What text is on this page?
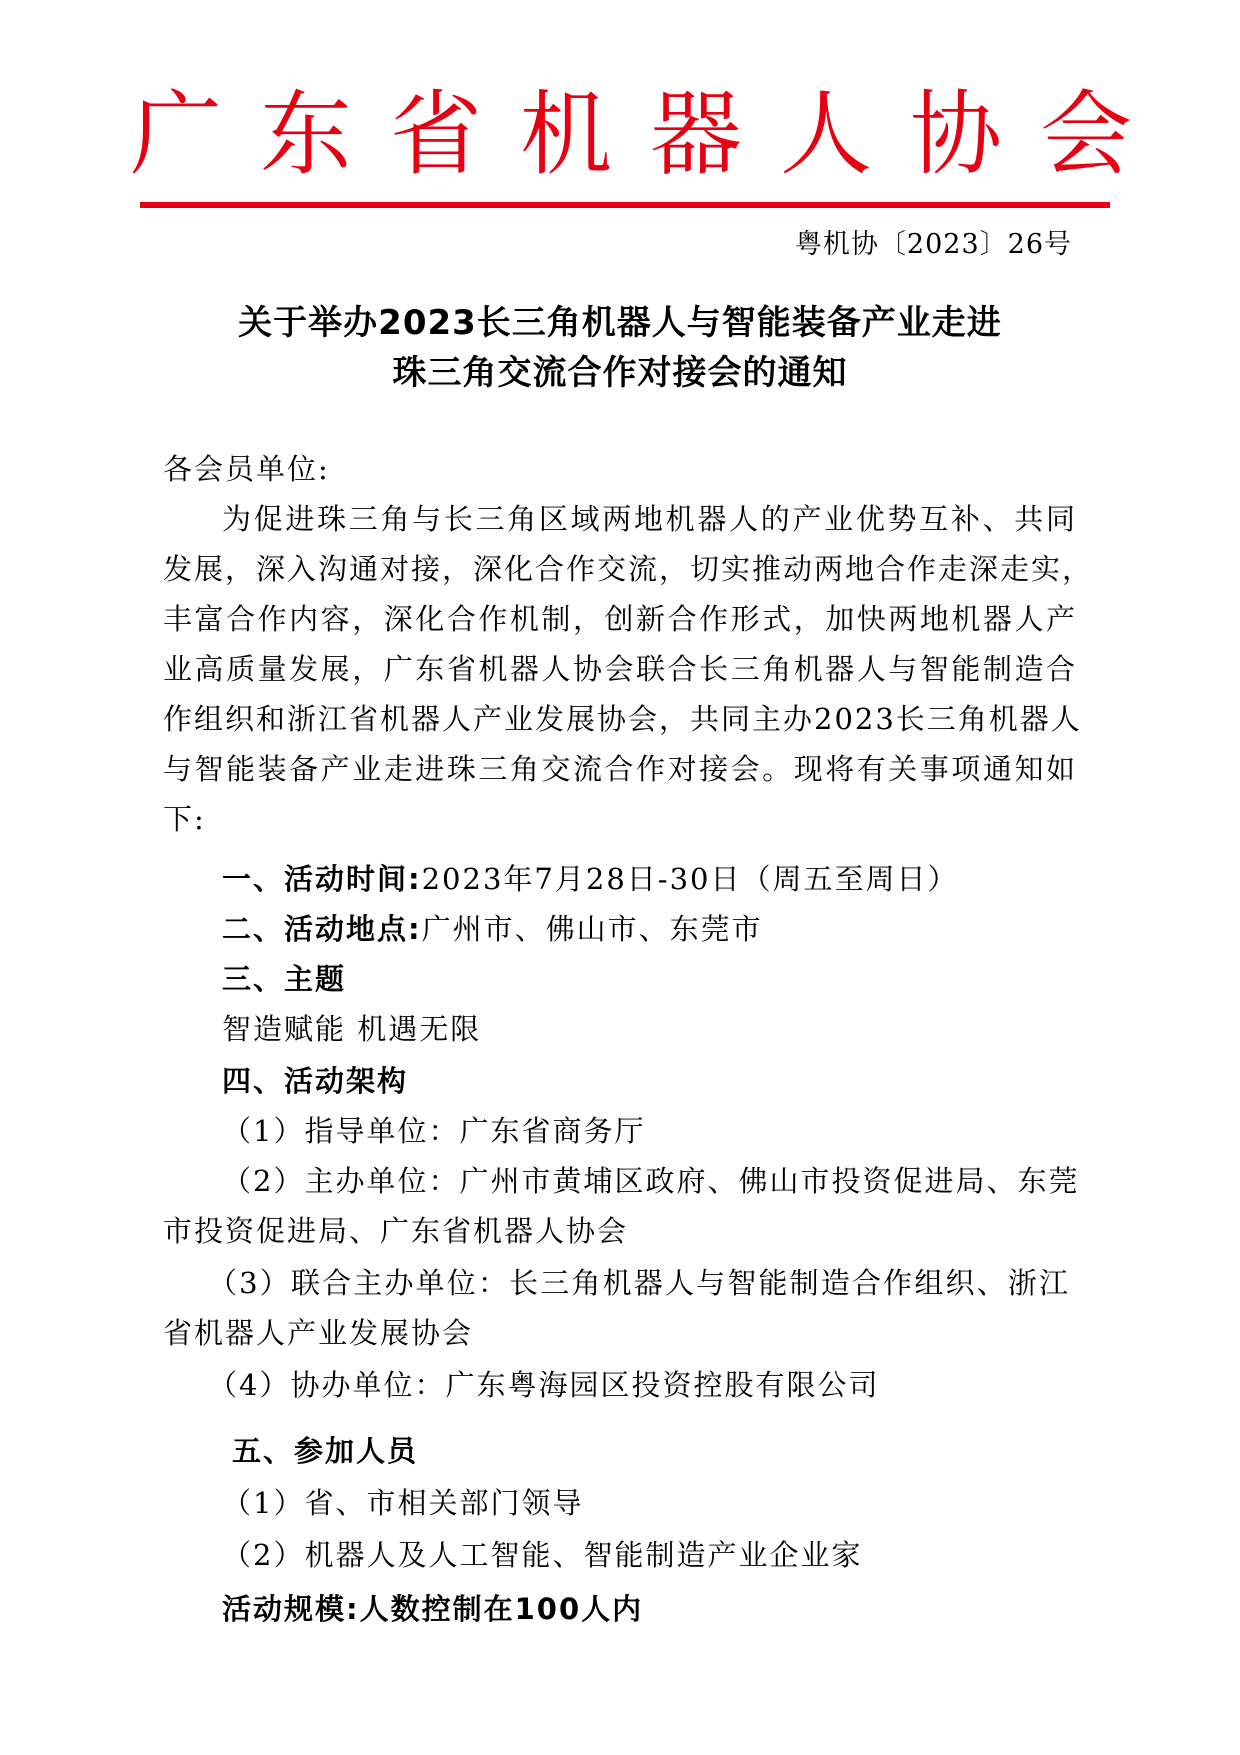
广东省机器人协会
粤机协〔2023〕26号
关于举办2023长三角机器人与智能装备产业走进
珠三角交流合作对接会的通知
各会员单位:
为促进珠三角与长三角区域两地机器人的产业优势互补、共同
发展，深入沟通对接，深化合作交流，切实推动两地合作走深走实，
丰富合作内容，深化合作机制，创新合作形式，加快两地机器人产
业高质量发展，广东省机器人协会联合长三角机器人与智能制造合
作组织和浙江省机器人产业发展协会，共同主办2023长三角机器人
与智能装备产业走进珠三角交流合作对接会。现将有关事项通知如
下:
一、活动时间:2023年7月28日-30日（周五至周日）
二、活动地点:广州市、佛山市、东莞市
三、主题
智造赋能 机遇无限
四、活动架构
（1）指导单位：广东省商务厅
（2）主办单位：广州市黄埔区政府、佛山市投资促进局、东莞
市投资促进局、广东省机器人协会
（3）联合主办单位：长三角机器人与智能制造合作组织、浙江
省机器人产业发展协会
（4）协办单位：广东粤海园区投资控股有限公司
五、参加人员
（1）省、市相关部门领导
（2）机器人及人工智能、智能制造产业企业家
活动规模:人数控制在100人内
